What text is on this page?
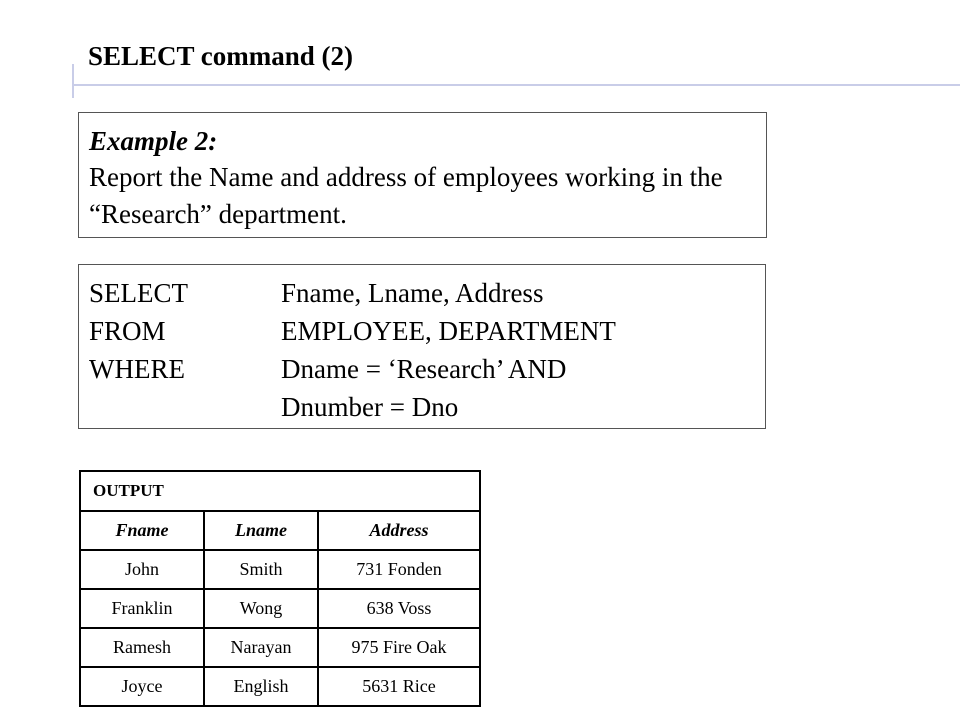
SELECT command (2)

Example 2:

Report the Name and address of employees working in the “Research” department.

SELECT	Fname, Lname, Address
FROM	EMPLOYEE, DEPARTMENT
WHERE	Dname = ‘Research’ AND
Dnumber = Dno
OUTPUT		
Fname	Lname	Address
John	Smith	731 Fonden
Franklin	Wong	638 Voss
Ramesh	Narayan	975 Fire Oak
Joyce	English	5631 Rice
